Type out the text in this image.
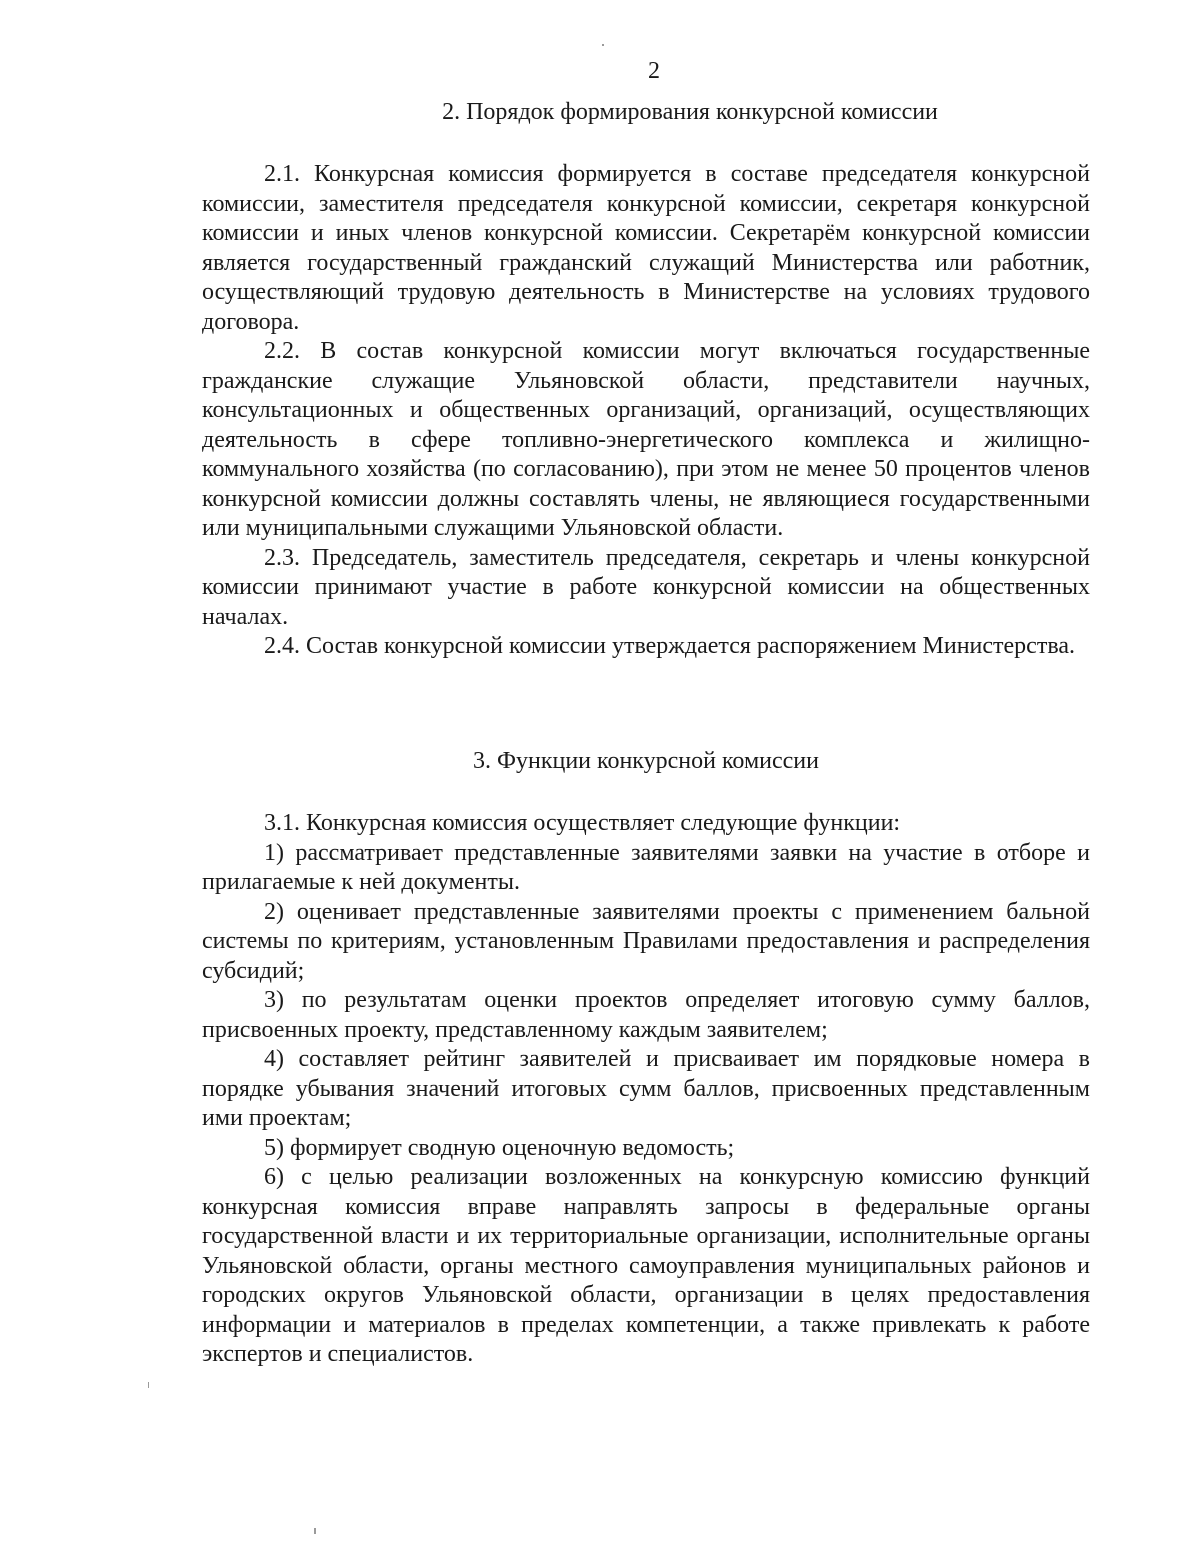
2
2. Порядок формирования конкурсной комиссии

2.1. Конкурсная комиссия формируется в составе председателя конкурсной комиссии, заместителя председателя конкурсной комиссии, секретаря конкурсной комиссии и иных членов конкурсной комиссии. Секретарём конкурсной комиссии является государственный гражданский служащий Министерства или работник, осуществляющий трудовую деятельность в Министерстве на условиях трудового договора.

2.2. В состав конкурсной комиссии могут включаться государственные гражданские служащие Ульяновской области, представители научных, консультационных и общественных организаций, организаций, осуществляющих деятельность в сфере топливно-энергетического комплекса и жилищно-коммунального хозяйства (по согласованию), при этом не менее 50 процентов членов конкурсной комиссии должны составлять члены, не являющиеся государственными или муниципальными служащими Ульяновской области.

2.3. Председатель, заместитель председателя, секретарь и члены конкурсной комиссии принимают участие в работе конкурсной комиссии на общественных началах.

2.4. Состав конкурсной комиссии утверждается распоряжением Министерства.

3. Функции конкурсной комиссии

3.1. Конкурсная комиссия осуществляет следующие функции:

1) рассматривает представленные заявителями заявки на участие в отборе и прилагаемые к ней документы.

2) оценивает представленные заявителями проекты с применением бальной системы по критериям, установленным Правилами предоставления и распределения субсидий;

3) по результатам оценки проектов определяет итоговую сумму баллов, присвоенных проекту, представленному каждым заявителем;

4) составляет рейтинг заявителей и присваивает им порядковые номера в порядке убывания значений итоговых сумм баллов, присвоенных представленным ими проектам;

5) формирует сводную оценочную ведомость;

6) с целью реализации возложенных на конкурсную комиссию функций конкурсная комиссия вправе направлять запросы в федеральные органы государственной власти и их территориальные организации, исполнительные органы Ульяновской области, органы местного самоуправления муниципальных районов и городских округов Ульяновской области, организации в целях предоставления информации и материалов в пределах компетенции, а также привлекать к работе экспертов и специалистов.
